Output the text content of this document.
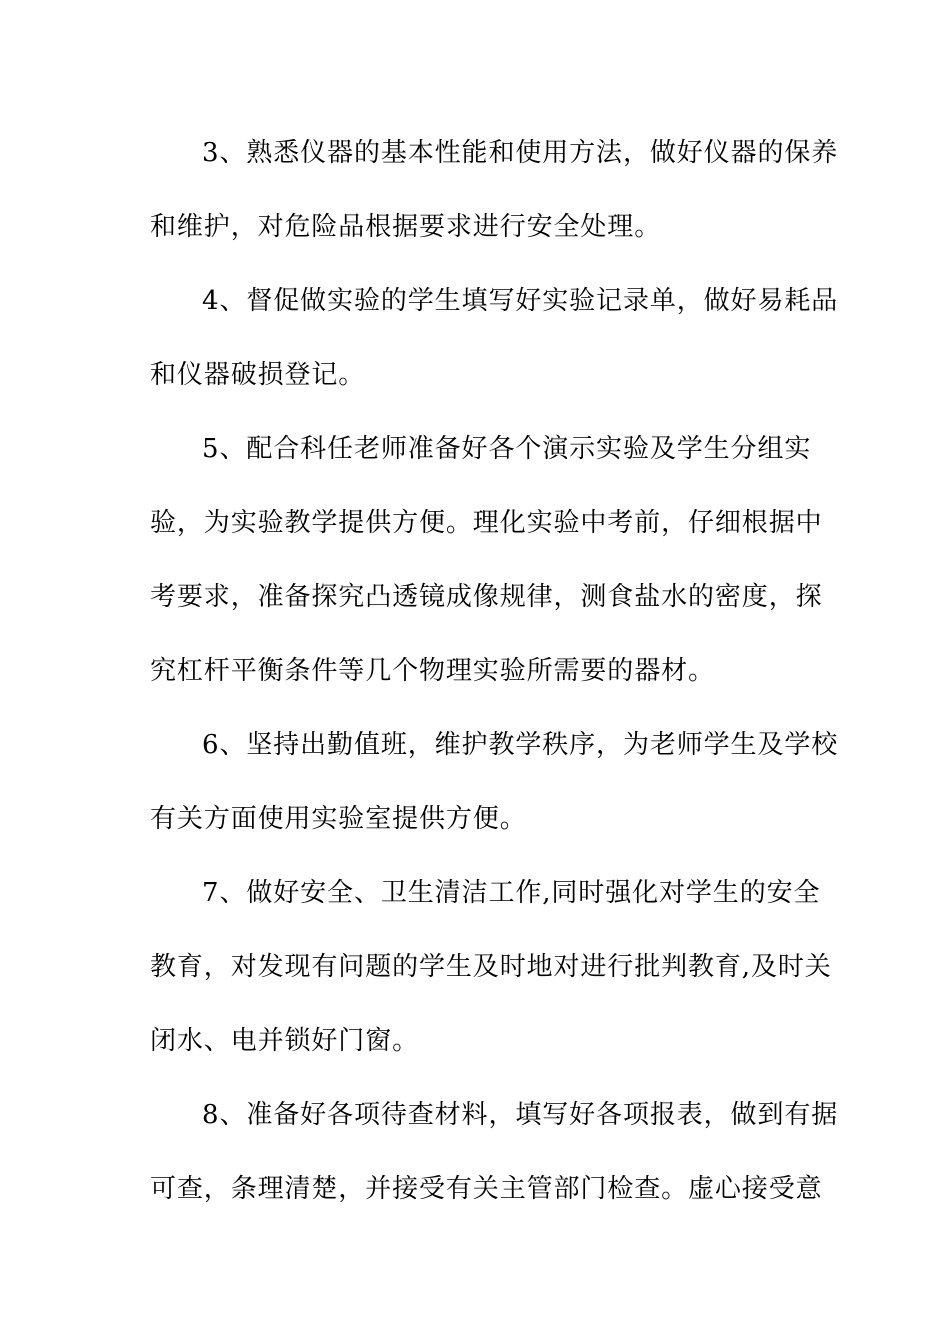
3、熟悉仪器的基本性能和使用方法，做好仪器的保养
和维护，对危险品根据要求进行安全处理。
4、督促做实验的学生填写好实验记录单，做好易耗品
和仪器破损登记。
5、配合科任老师准备好各个演示实验及学生分组实
验，为实验教学提供方便。理化实验中考前，仔细根据中
考要求，准备探究凸透镜成像规律，测食盐水的密度，探
究杠杆平衡条件等几个物理实验所需要的器材。
6、坚持出勤值班，维护教学秩序，为老师学生及学校
有关方面使用实验室提供方便。
7、做好安全、卫生清洁工作,同时强化对学生的安全
教育，对发现有问题的学生及时地对进行批判教育,及时关
闭水、电并锁好门窗。
8、准备好各项待查材料，填写好各项报表，做到有据
可查，条理清楚，并接受有关主管部门检查。虚心接受意
